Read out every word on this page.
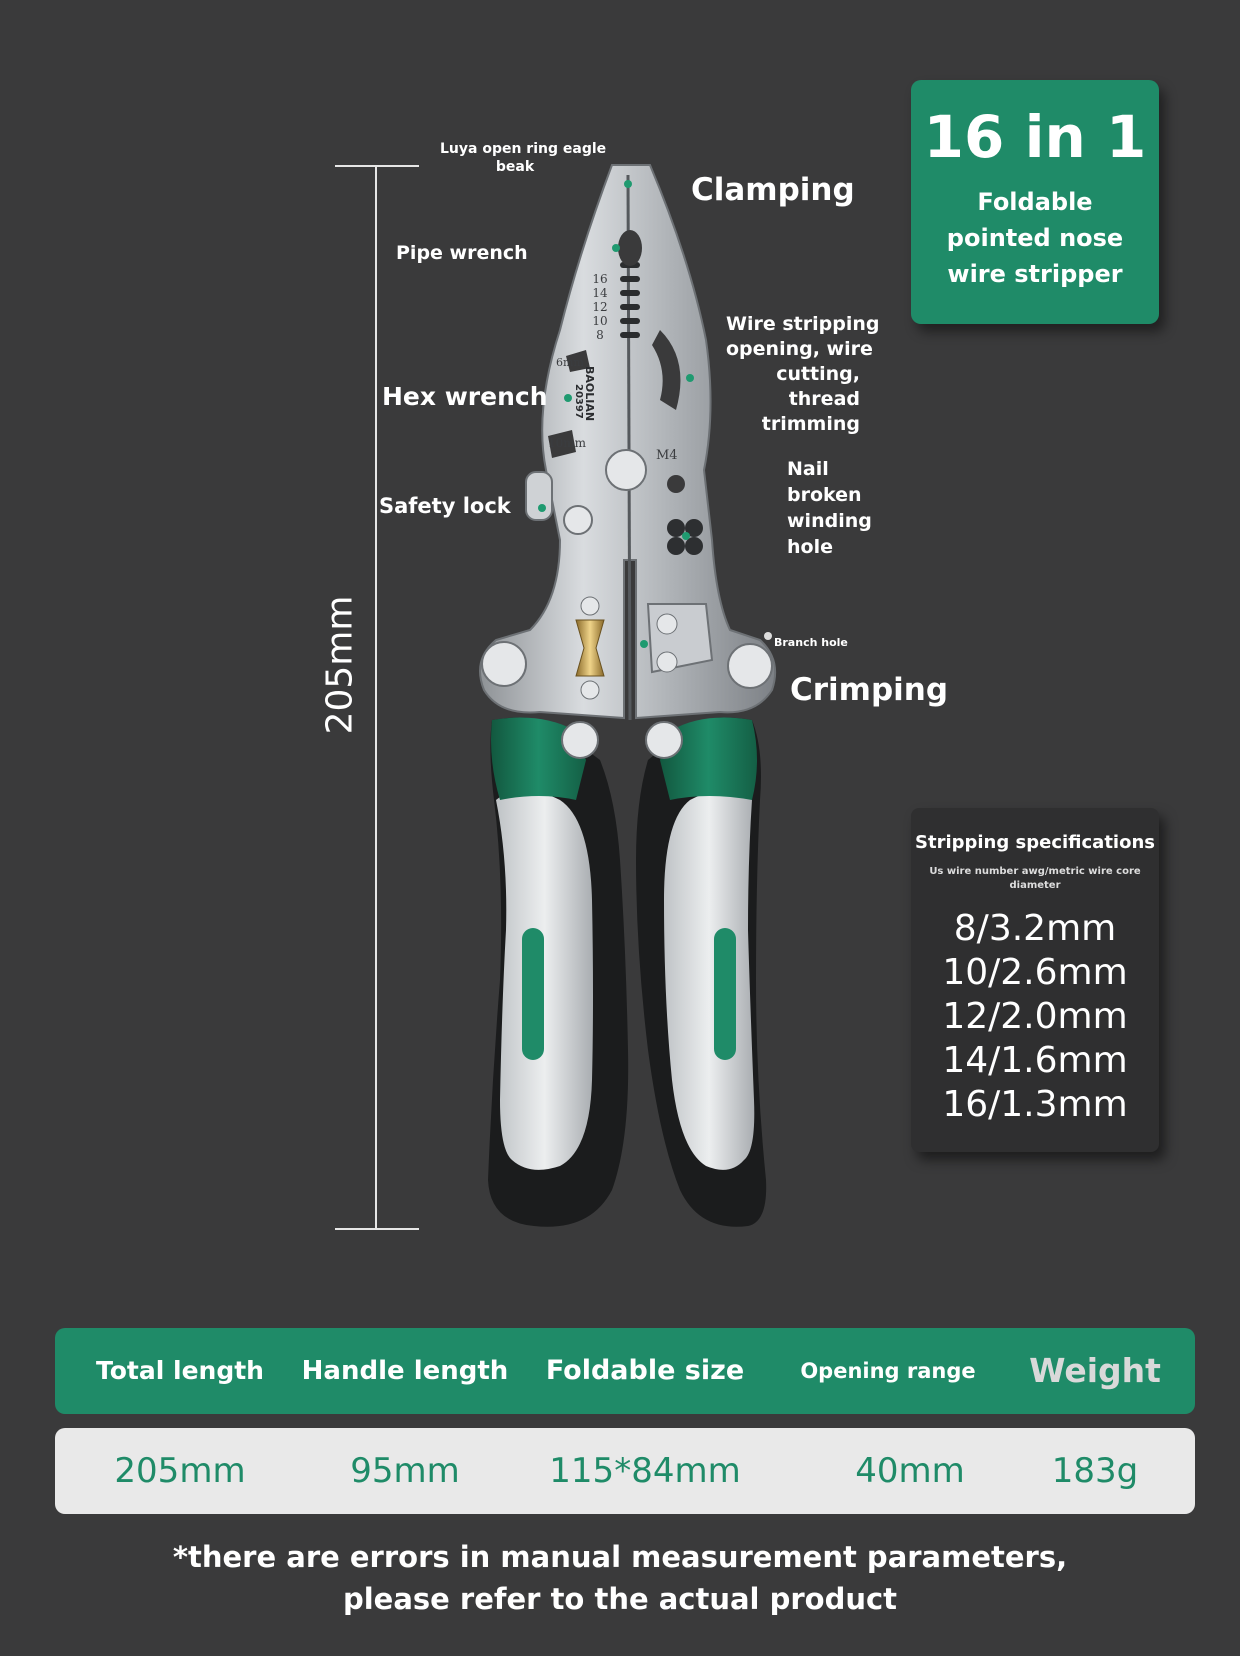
205mm
16
14
12
10
8
6mm
10mm
BAOLIAN
20397
M4
Luya open ring eagle
beak
Clamping
Pipe wrench
Wire stripping
opening, wire
cutting,
thread
trimming
Hex wrench
Nail
broken
winding
hole
Safety lock
Branch hole
Crimping
16 in 1
Foldable
pointed nose
wire stripper
Stripping specifications
Us wire number awg/metric wire core diameter
8/3.2mm
10/2.6mm
12/2.0mm
14/1.6mm
16/1.3mm
Total length	Handle length	Foldable size	Opening range	Weight
205mm	95mm	115*84mm	40mm	183g
*there are errors in manual measurement parameters,
please refer to the actual product
